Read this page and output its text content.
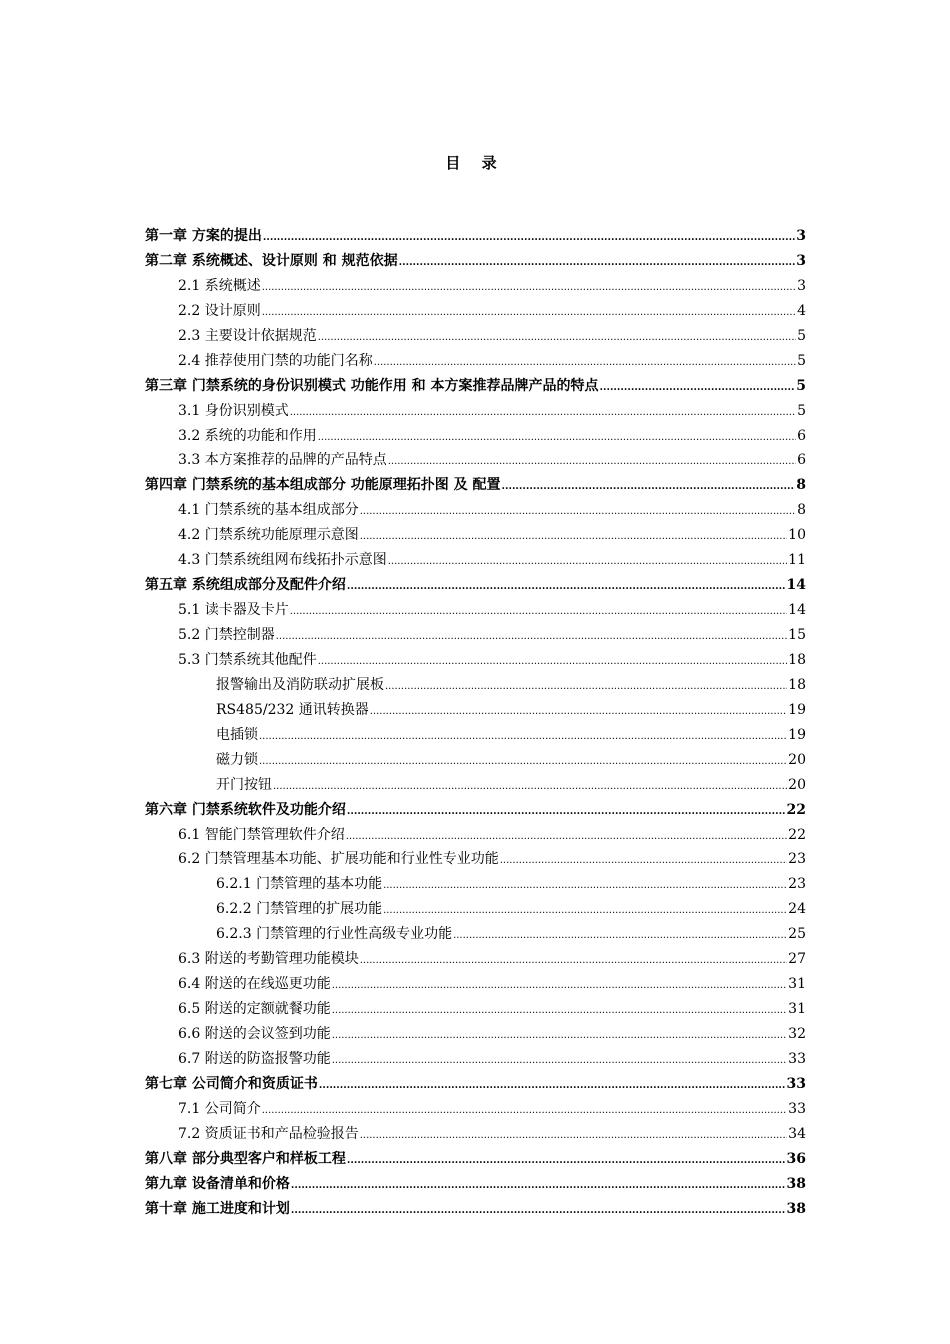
目 录
第一章 方案的提出 .....	3
第二章 系统概述、设计原则 和 规范依据 .....	3
2.1 系统概述 .....	3
2.2 设计原则 .....	4
2.3 主要设计依据规范 .....	5
2.4 推荐使用门禁的功能门名称 .....	5
第三章 门禁系统的身份识别模式 功能作用 和 本方案推荐品牌产品的特点 .....	5
3.1 身份识别模式 .....	5
3.2 系统的功能和作用 .....	6
3.3 本方案推荐的品牌的产品特点 .....	6
第四章 门禁系统的基本组成部分 功能原理拓扑图 及 配置 .....	8
4.1 门禁系统的基本组成部分 .....	8
4.2 门禁系统功能原理示意图 .....	10
4.3 门禁系统组网布线拓扑示意图 .....	11
第五章 系统组成部分及配件介绍 .....	14
5.1 读卡器及卡片 .....	14
5.2 门禁控制器 .....	15
5.3 门禁系统其他配件 .....	18
报警输出及消防联动扩展板 .....	18
RS485/232 通讯转换器 .....	19
电插锁 .....	19
磁力锁 .....	20
开门按钮 .....	20
第六章 门禁系统软件及功能介绍 .....	22
6.1 智能门禁管理软件介绍 .....	22
6.2 门禁管理基本功能、扩展功能和行业性专业功能 .....	23
6.2.1 门禁管理的基本功能 .....	23
6.2.2 门禁管理的扩展功能 .....	24
6.2.3 门禁管理的行业性高级专业功能 .....	25
6.3 附送的考勤管理功能模块 .....	27
6.4 附送的在线巡更功能 .....	31
6.5 附送的定额就餐功能 .....	31
6.6 附送的会议签到功能 .....	32
6.7 附送的防盗报警功能 .....	33
第七章 公司简介和资质证书 .....	33
7.1 公司简介 .....	33
7.2 资质证书和产品检验报告 .....	34
第八章 部分典型客户和样板工程 .....	36
第九章 设备清单和价格 .....	38
第十章 施工进度和计划 .....	38
